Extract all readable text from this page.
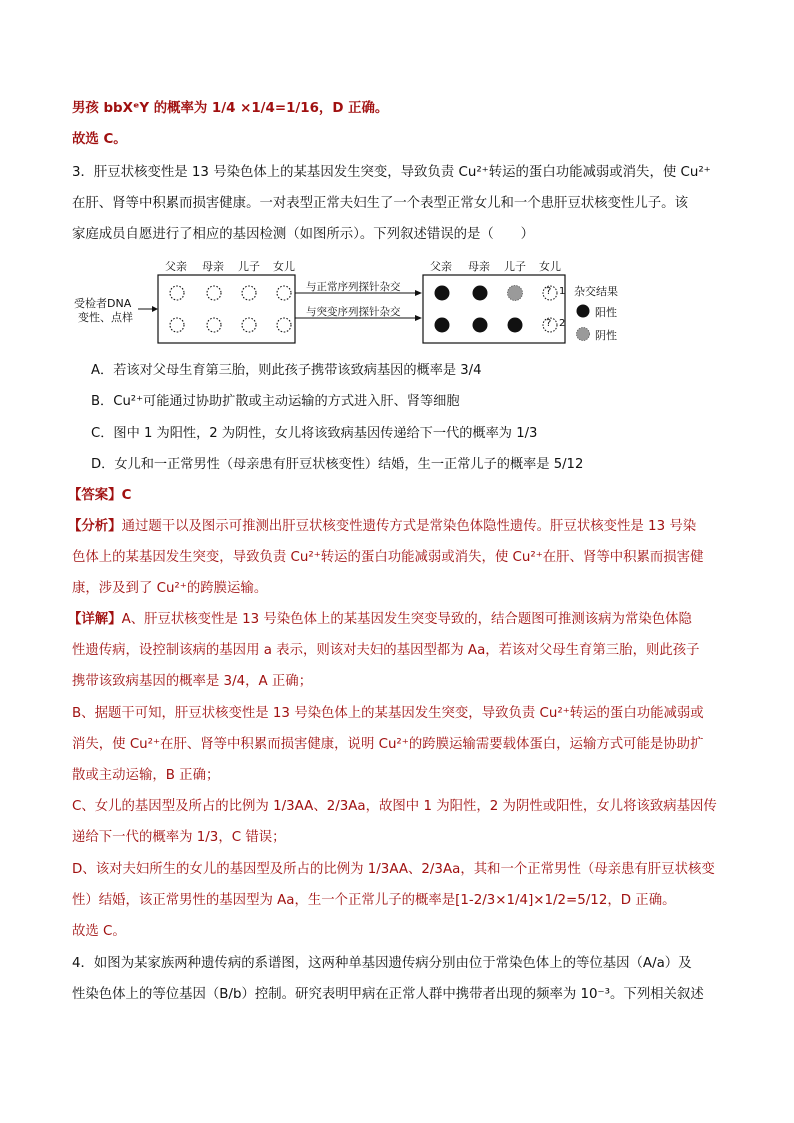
男孩 bbXᵉY 的概率为 1/4 ×1/4=1/16，D 正确。
故选 C。
3．肝豆状核变性是 13 号染色体上的某基因发生突变，导致负责 Cu²⁺转运的蛋白功能减弱或消失，使 Cu²⁺
在肝、肾等中积累而损害健康。一对表型正常夫妇生了一个表型正常女儿和一个患肝豆状核变性儿子。该
家庭成员自愿进行了相应的基因检测（如图所示）。下列叙述错误的是（　　）
受检者DNA
变性、点样
父亲 母亲 儿子 女儿
与正常序列探针杂交
与突变序列探针杂交
父亲 母亲 儿子 女儿
?
?
1
2
杂交结果
阳性
阴性
A．若该对父母生育第三胎，则此孩子携带该致病基因的概率是 3/4
B．Cu²⁺可能通过协助扩散或主动运输的方式进入肝、肾等细胞
C．图中 1 为阳性，2 为阴性，女儿将该致病基因传递给下一代的概率为 1/3
D．女儿和一正常男性（母亲患有肝豆状核变性）结婚，生一正常儿子的概率是 5/12
【答案】C
【分析】通过题干以及图示可推测出肝豆状核变性遗传方式是常染色体隐性遗传。肝豆状核变性是 13 号染
色体上的某基因发生突变，导致负责 Cu²⁺转运的蛋白功能减弱或消失，使 Cu²⁺在肝、肾等中积累而损害健
康，涉及到了 Cu²⁺的跨膜运输。
【详解】A、肝豆状核变性是 13 号染色体上的某基因发生突变导致的，结合题图可推测该病为常染色体隐
性遗传病，设控制该病的基因用 a 表示，则该对夫妇的基因型都为 Aa，若该对父母生育第三胎，则此孩子
携带该致病基因的概率是 3/4，A 正确；
B、据题干可知，肝豆状核变性是 13 号染色体上的某基因发生突变，导致负责 Cu²⁺转运的蛋白功能减弱或
消失，使 Cu²⁺在肝、肾等中积累而损害健康，说明 Cu²⁺的跨膜运输需要载体蛋白，运输方式可能是协助扩
散或主动运输，B 正确；
C、女儿的基因型及所占的比例为 1/3AA、2/3Aa，故图中 1 为阳性，2 为阴性或阳性，女儿将该致病基因传
递给下一代的概率为 1/3，C 错误；
D、该对夫妇所生的女儿的基因型及所占的比例为 1/3AA、2/3Aa，其和一个正常男性（母亲患有肝豆状核变
性）结婚，该正常男性的基因型为 Aa，生一个正常儿子的概率是[1-2/3×1/4]×1/2=5/12，D 正确。
故选 C。
4．如图为某家族两种遗传病的系谱图，这两种单基因遗传病分别由位于常染色体上的等位基因（A/a）及
性染色体上的等位基因（B/b）控制。研究表明甲病在正常人群中携带者出现的频率为 10⁻³。下列相关叙述
